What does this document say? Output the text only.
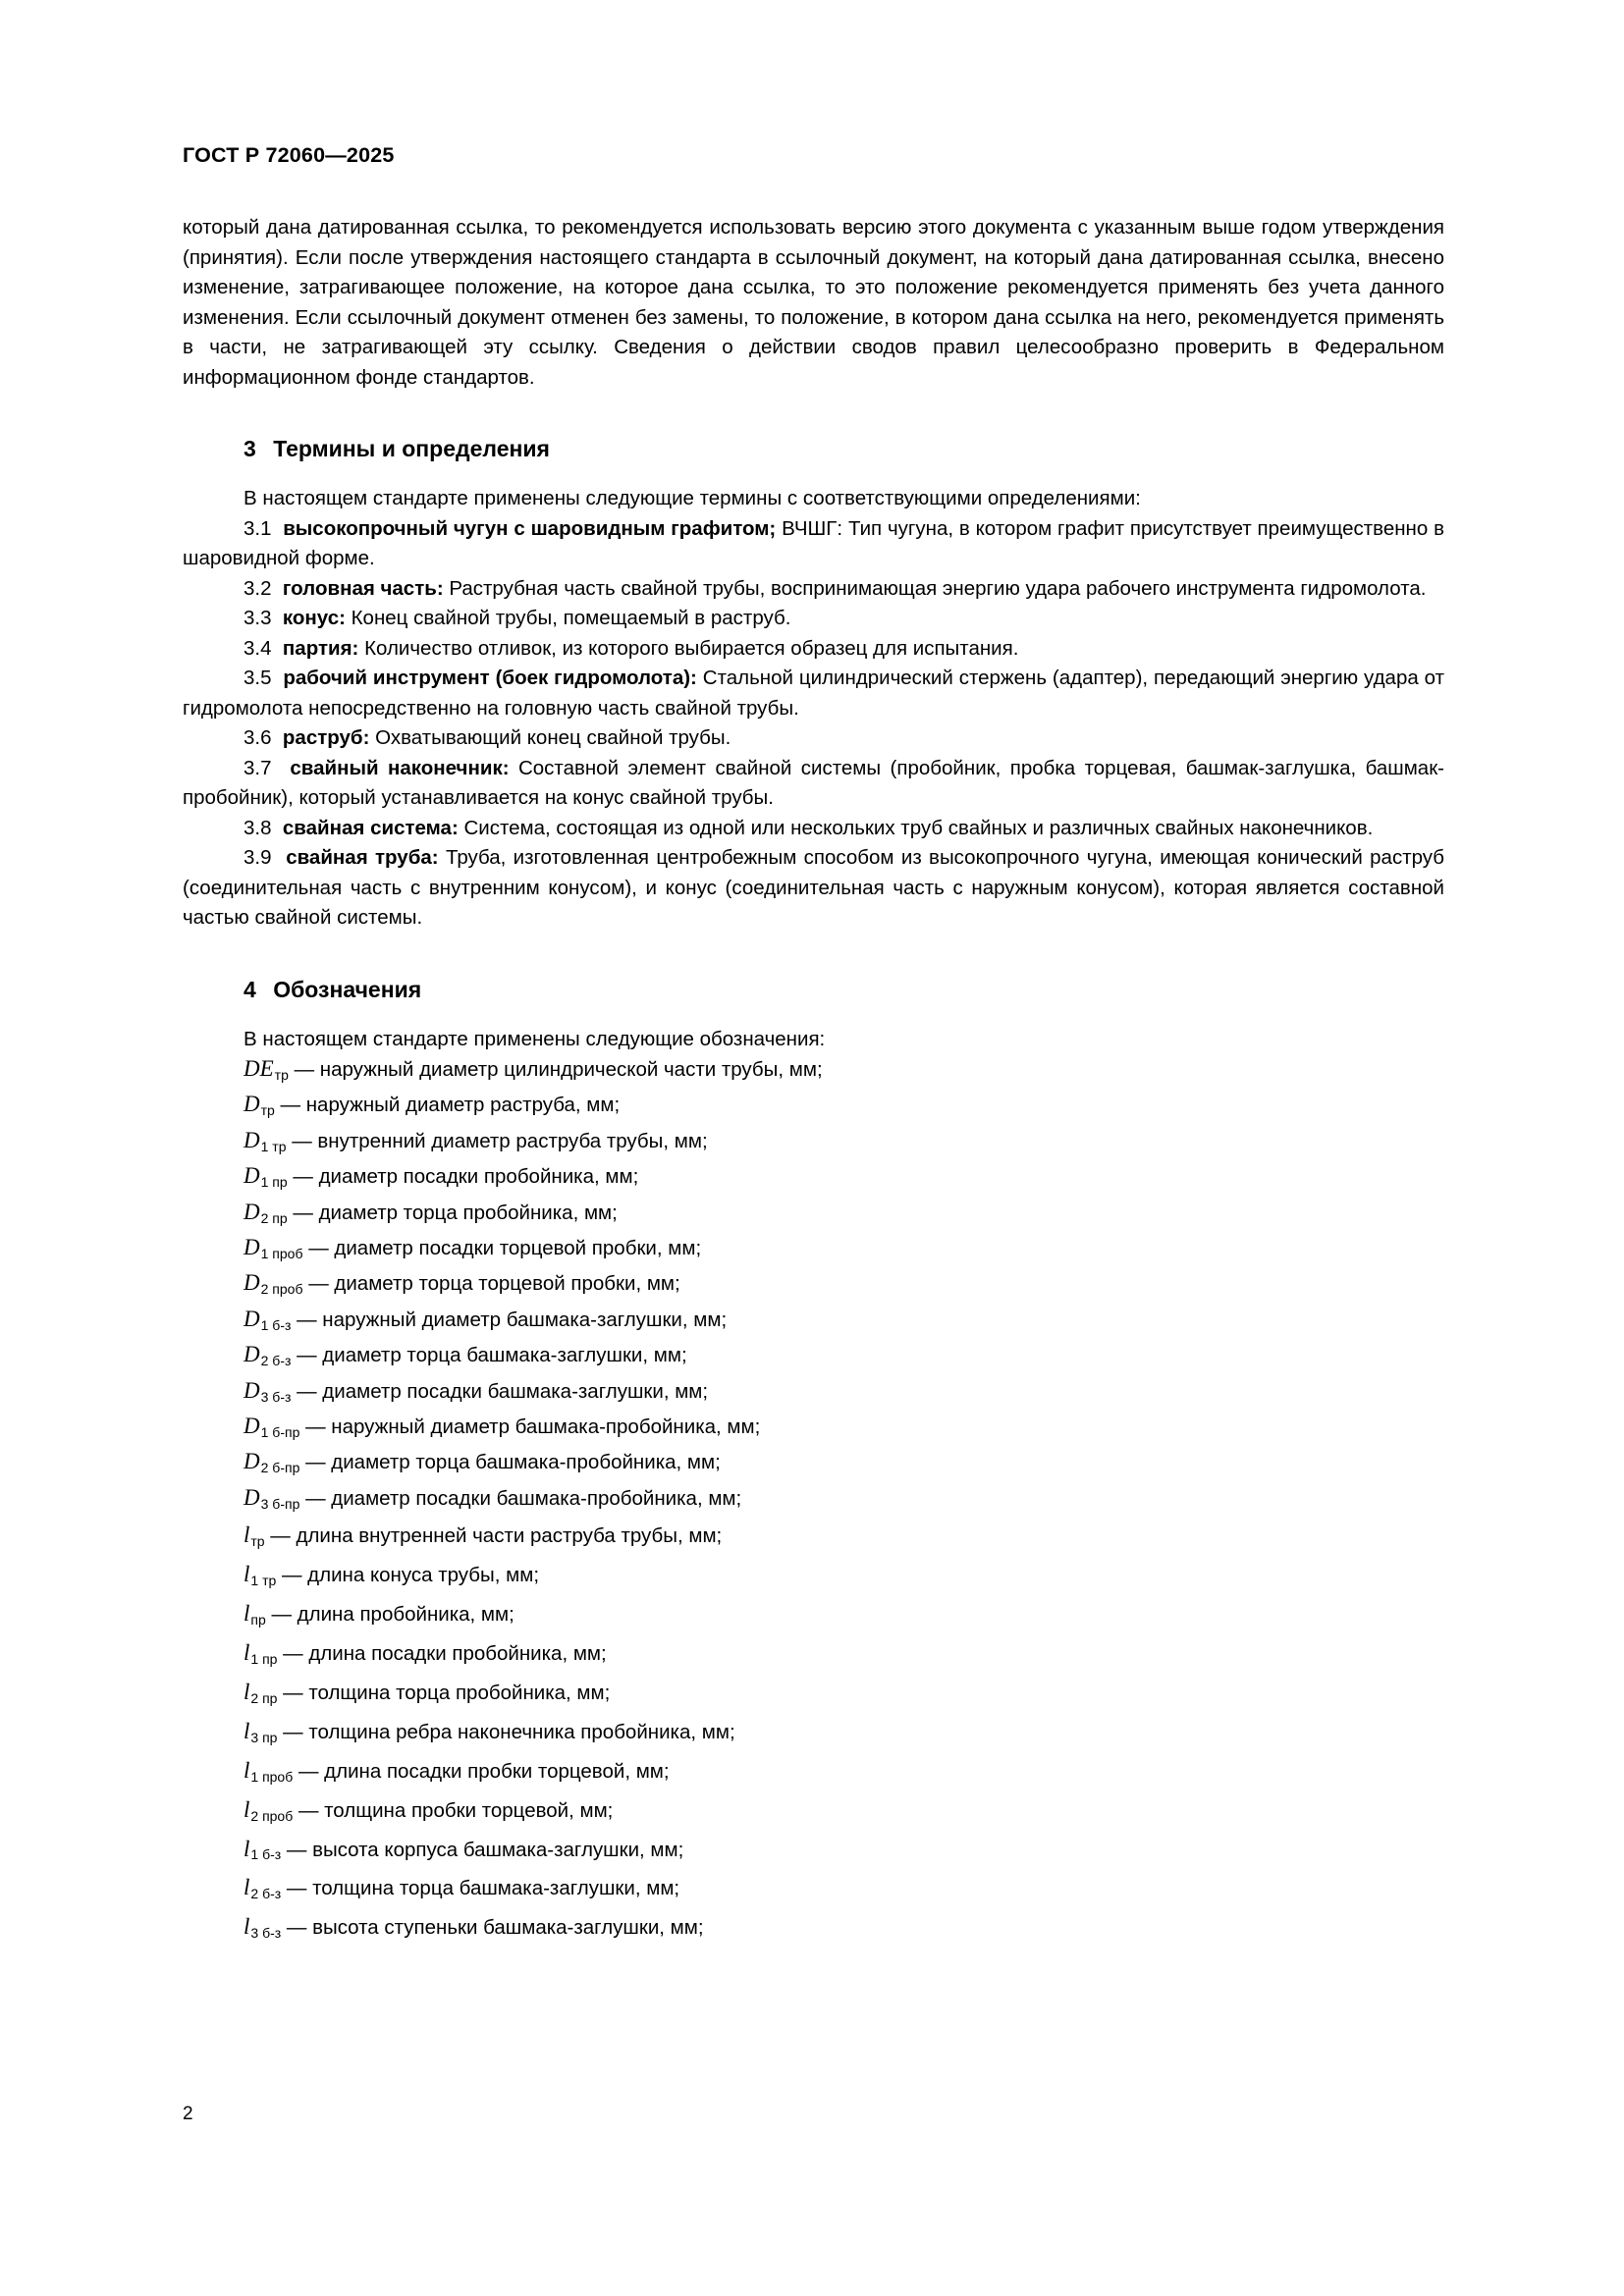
ГОСТ Р 72060—2025

который дана датированная ссылка, то рекомендуется использовать версию этого документа с указанным выше годом утверждения (принятия). Если после утверждения настоящего стандарта в ссылочный документ, на который дана датированная ссылка, внесено изменение, затрагивающее положение, на которое дана ссылка, то это положение рекомендуется применять без учета данного изменения. Если ссылочный документ отменен без замены, то положение, в котором дана ссылка на него, рекомендуется применять в части, не затрагивающей эту ссылку. Сведения о действии сводов правил целесообразно проверить в Федеральном информационном фонде стандартов.

3 Термины и определения

В настоящем стандарте применены следующие термины с соответствующими определениями:

3.1 высокопрочный чугун с шаровидным графитом; ВЧШГ: Тип чугуна, в котором графит присутствует преимущественно в шаровидной форме.

3.2 головная часть: Раструбная часть свайной трубы, воспринимающая энергию удара рабочего инструмента гидромолота.

3.3 конус: Конец свайной трубы, помещаемый в раструб.

3.4 партия: Количество отливок, из которого выбирается образец для испытания.

3.5 рабочий инструмент (боек гидромолота): Стальной цилиндрический стержень (адаптер), передающий энергию удара от гидромолота непосредственно на головную часть свайной трубы.

3.6 раструб: Охватывающий конец свайной трубы.

3.7 свайный наконечник: Составной элемент свайной системы (пробойник, пробка торцевая, башмак-заглушка, башмак-пробойник), который устанавливается на конус свайной трубы.

3.8 свайная система: Система, состоящая из одной или нескольких труб свайных и различных свайных наконечников.

3.9 свайная труба: Труба, изготовленная центробежным способом из высокопрочного чугуна, имеющая конический раструб (соединительная часть с внутренним конусом), и конус (соединительная часть с наружным конусом), которая является составной частью свайной системы.

4 Обозначения

В настоящем стандарте применены следующие обозначения:

$DE_{тр}$ — наружный диаметр цилиндрической части трубы, мм;
$D_{тр}$ — наружный диаметр раструба, мм;
$D_{1 тр}$ — внутренний диаметр раструба трубы, мм;
$D_{1 пр}$ — диаметр посадки пробойника, мм;
$D_{2 пр}$ — диаметр торца пробойника, мм;
$D_{1 проб}$ — диаметр посадки торцевой пробки, мм;
$D_{2 проб}$ — диаметр торца торцевой пробки, мм;
$D_{1 б-з}$ — наружный диаметр башмака-заглушки, мм;
$D_{2 б-з}$ — диаметр торца башмака-заглушки, мм;
$D_{3 б-з}$ — диаметр посадки башмака-заглушки, мм;
$D_{1 б-пр}$ — наружный диаметр башмака-пробойника, мм;
$D_{2 б-пр}$ — диаметр торца башмака-пробойника, мм;
$D_{3 б-пр}$ — диаметр посадки башмака-пробойника, мм;
$l_{тр}$ — длина внутренней части раструба трубы, мм;
$l_{1 тр}$ — длина конуса трубы, мм;
$l_{пр}$ — длина пробойника, мм;
$l_{1 пр}$ — длина посадки пробойника, мм;
$l_{2 пр}$ — толщина торца пробойника, мм;
$l_{3 пр}$ — толщина ребра наконечника пробойника, мм;
$l_{1 проб}$ — длина посадки пробки торцевой, мм;
$l_{2 проб}$ — толщина пробки торцевой, мм;
$l_{1 б-з}$ — высота корпуса башмака-заглушки, мм;
$l_{2 б-з}$ — толщина торца башмака-заглушки, мм;
$l_{3 б-з}$ — высота ступеньки башмака-заглушки, мм;
2
